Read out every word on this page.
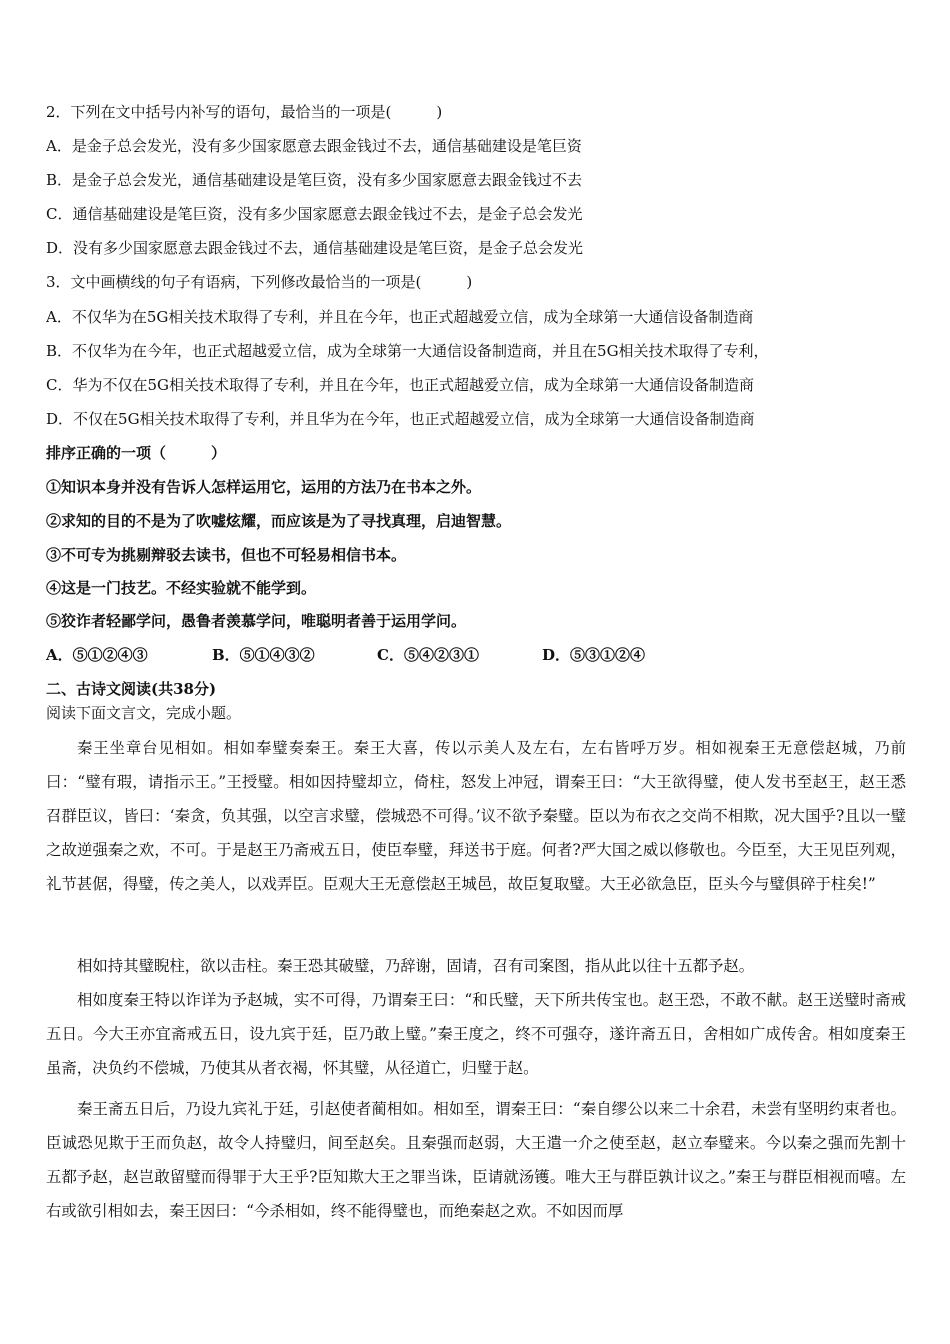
2．下列在文中括号内补写的语句，最恰当的一项是(　　　)
A．是金子总会发光，没有多少国家愿意去跟金钱过不去，通信基础建设是笔巨资
B．是金子总会发光，通信基础建设是笔巨资，没有多少国家愿意去跟金钱过不去
C．通信基础建设是笔巨资，没有多少国家愿意去跟金钱过不去，是金子总会发光
D．没有多少国家愿意去跟金钱过不去，通信基础建设是笔巨资，是金子总会发光
3．文中画横线的句子有语病，下列修改最恰当的一项是(　　　)
A．不仅华为在5G相关技术取得了专利，并且在今年，也正式超越爱立信，成为全球第一大通信设备制造商
B．不仅华为在今年，也正式超越爱立信，成为全球第一大通信设备制造商，并且在5G相关技术取得了专利，
C．华为不仅在5G相关技术取得了专利，并且在今年，也正式超越爱立信，成为全球第一大通信设备制造商
D．不仅在5G相关技术取得了专利，并且华为在今年，也正式超越爱立信，成为全球第一大通信设备制造商
排序正确的一项（　　　）
①知识本身并没有告诉人怎样运用它，运用的方法乃在书本之外。
②求知的目的不是为了吹嘘炫耀，而应该是为了寻找真理，启迪智慧。
③不可专为挑剔辩驳去读书，但也不可轻易相信书本。
④这是一门技艺。不经实验就不能学到。
⑤狡诈者轻鄙学问，愚鲁者羡慕学问，唯聪明者善于运用学问。
A．⑤①②④③	B．⑤①④③②	C．⑤④②③①	D．⑤③①②④
二、古诗文阅读(共38分)
阅读下面文言文，完成小题。
秦王坐章台见相如。相如奉璧奏秦王。秦王大喜，传以示美人及左右，左右皆呼万岁。相如视秦王无意偿赵城，乃前曰：“璧有瑕，请指示王。”王授璧。相如因持璧却立，倚柱，怒发上冲冠，谓秦王曰：“大王欲得璧，使人发书至赵王，赵王悉召群臣议，皆曰：‘秦贪，负其强，以空言求璧，偿城恐不可得。’议不欲予秦璧。臣以为布衣之交尚不相欺，况大国乎?且以一璧之故逆强秦之欢，不可。于是赵王乃斋戒五日，使臣奉璧，拜送书于庭。何者?严大国之威以修敬也。今臣至，大王见臣列观，礼节甚倨，得璧，传之美人，以戏弄臣。臣观大王无意偿赵王城邑，故臣复取璧。大王必欲急臣，臣头今与璧俱碎于柱矣!”
相如持其璧睨柱，欲以击柱。秦王恐其破璧，乃辞谢，固请，召有司案图，指从此以往十五都予赵。
相如度秦王特以诈详为予赵城，实不可得，乃谓秦王曰：“和氏璧，天下所共传宝也。赵王恐，不敢不献。赵王送璧时斋戒五日。今大王亦宜斋戒五日，设九宾于廷，臣乃敢上璧。”秦王度之，终不可强夺，遂许斋五日，舍相如广成传舍。相如度秦王虽斋，决负约不偿城，乃使其从者衣褐，怀其璧，从径道亡，归璧于赵。
秦王斋五日后，乃设九宾礼于廷，引赵使者蔺相如。相如至，谓秦王曰：“秦自缪公以来二十余君，未尝有坚明约束者也。臣诚恐见欺于王而负赵，故令人持璧归，间至赵矣。且秦强而赵弱，大王遣一介之使至赵，赵立奉璧来。今以秦之强而先割十五都予赵，赵岂敢留璧而得罪于大王乎?臣知欺大王之罪当诛，臣请就汤镬。唯大王与群臣孰计议之。”秦王与群臣相视而嘻。左右或欲引相如去，秦王因曰：“今杀相如，终不能得璧也，而绝秦赵之欢。不如因而厚
